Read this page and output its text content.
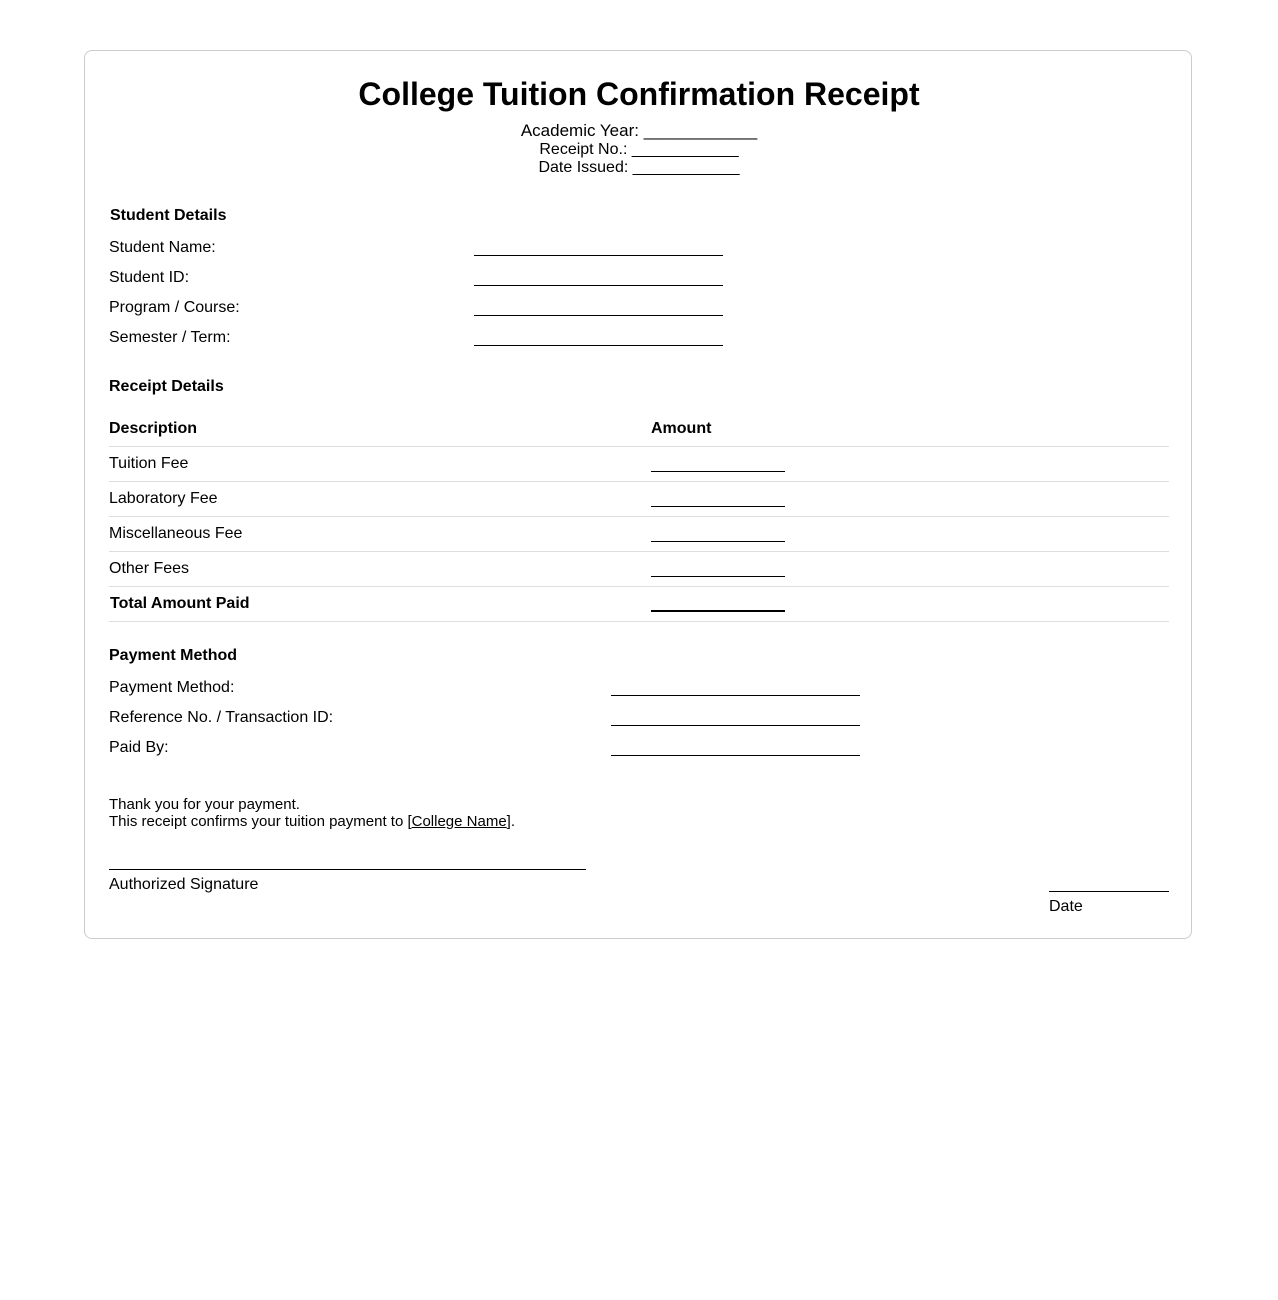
College Tuition Confirmation Receipt
Academic Year: ____________
Receipt No.: ____________
Date Issued: ____________
Student Details
Student Name:
Student ID:
Program / Course:
Semester / Term:
Receipt Details
Description	Amount
Tuition Fee
Laboratory Fee
Miscellaneous Fee
Other Fees
Total Amount Paid
Payment Method
Payment Method:
Reference No. / Transaction ID:
Paid By:
Thank you for your payment.
This receipt confirms your tuition payment to [College Name].
Authorized Signature
Date
